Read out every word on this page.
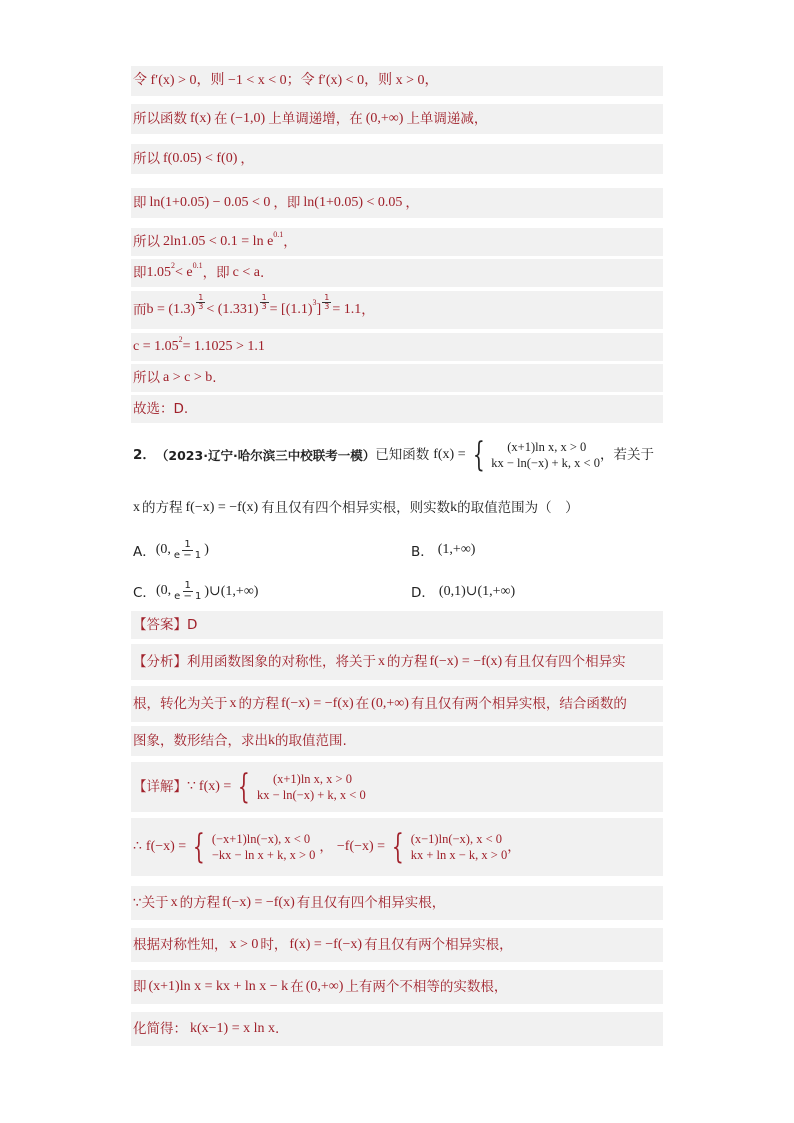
令 f′(x) > 0，则 −1 < x < 0；令 f′(x) < 0，则 x > 0，
所以函数 f(x) 在 (−1,0) 上单调递增，在 (0,+∞) 上单调递减，
所以 f(0.05) < f(0) ，
即 ln(1+0.05) − 0.05 < 0 ，即 ln(1+0.05) < 0.05 ，
所以 2ln1.05 < 0.1 = ln e 0.1 ，
即 1.05 2 < e 0.1 ，即 c < a .
而 $b = (1.3) \frac{1}{3} < (1.331) \frac{1}{3} = [(1.1)$ 3 ] $\frac{1}{3} = 1.1$ ，
c = 1.05 2 = 1.1025 > 1.1
所以 a > c > b .
故选：D.
2． （2023·辽宁·哈尔滨三中校联考一模） 已知函数 f(x) = {	(x+1)ln x, x > 0
kx − ln(−x) + k, x < 0
，若关于
x 的方程 f(−x) = −f(x) 有且仅有四个相异实根，则实数 k 的取值范围为（　）
A． (0, $\frac{1}{e - 1}$ )	B． (1,+∞)
C． (0, $\frac{1}{e - 1}$ )∪(1,+∞)	D． (0,1)∪(1,+∞)
【答案】 D
【分析】 利用函数图象的对称性，将关于 x 的方程 f(−x) = −f(x) 有且仅有四个相异实
根，转化为关于 x 的方程 f(−x) = −f(x) 在 (0,+∞) 有且仅有两个相异实根，结合函数的
图象，数形结合，求出 k 的取值范围.
【详解】 ∵ f(x) = {	(x+1)ln x, x > 0
kx − ln(−x) + k, x < 0
∴ f(−x) = { (−x+1)ln(−x), x < 0
−kx − ln x + k, x > 0
， −f(−x) = { (x−1)ln(−x), x < 0
kx + ln x − k, x > 0
，
∵关于 x 的方程 f(−x) = −f(x) 有且仅有四个相异实根，
根据对称性知， x > 0 时， f(x) = −f(−x) 有且仅有两个相异实根，
即 (x+1)ln x = kx + ln x − k 在 (0,+∞) 上有两个不相等的实数根，
化简得： k(x−1) = x ln x .
